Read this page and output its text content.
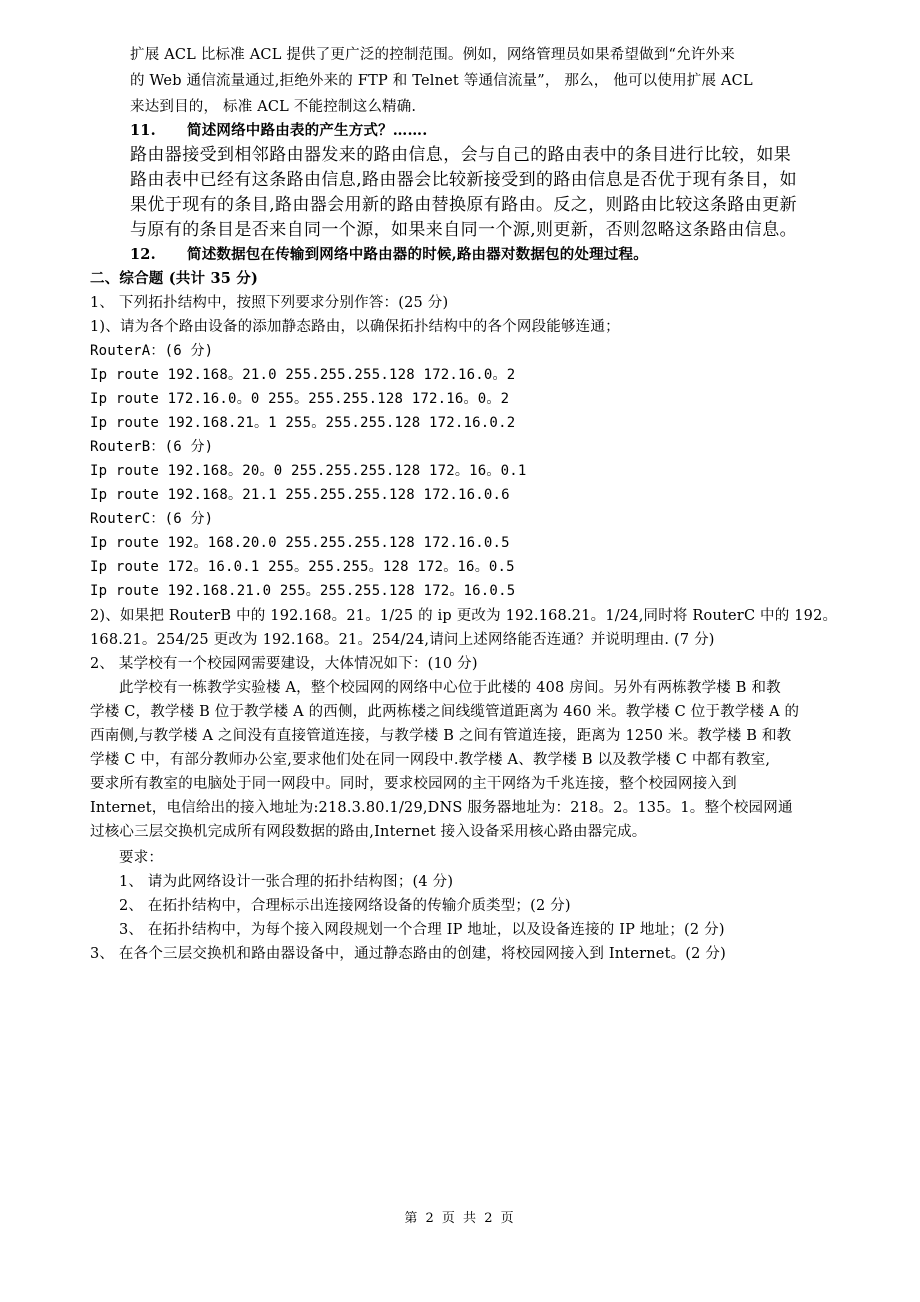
扩展 ACL 比标准 ACL 提供了更广泛的控制范围。例如，网络管理员如果希望做到“允许外来
的 Web 通信流量通过,拒绝外来的 FTP 和 Telnet 等通信流量”， 那么， 他可以使用扩展 ACL
来达到目的， 标准 ACL 不能控制这么精确.
11. 简述网络中路由表的产生方式？…….
路由器接受到相邻路由器发来的路由信息，会与自己的路由表中的条目进行比较，如果
路由表中已经有这条路由信息,路由器会比较新接受到的路由信息是否优于现有条目，如
果优于现有的条目,路由器会用新的路由替换原有路由。反之，则路由比较这条路由更新
与原有的条目是否来自同一个源，如果来自同一个源,则更新，否则忽略这条路由信息。
12. 简述数据包在传输到网络中路由器的时候,路由器对数据包的处理过程。
二、综合题 (共计 35 分)
1、 下列拓扑结构中，按照下列要求分别作答：(25 分)
1)、请为各个路由设备的添加静态路由，以确保拓扑结构中的各个网段能够连通；
RouterA：(6 分)
Ip route 192.168。21.0 255.255.255.128 172.16.0。2
Ip route 172.16.0。0 255。255.255.128 172.16。0。2
Ip route 192.168.21。1 255。255.255.128 172.16.0.2
RouterB：(6 分)
Ip route 192.168。20。0 255.255.255.128 172。16。0.1
Ip route 192.168。21.1 255.255.255.128 172.16.0.6
RouterC：(6 分)
Ip route 192。168.20.0 255.255.255.128 172.16.0.5
Ip route 172。16.0.1 255。255.255。128 172。16。0.5
Ip route 192.168.21.0 255。255.255.128 172。16.0.5
2)、如果把 RouterB 中的 192.168。21。1/25 的 ip 更改为 192.168.21。1/24,同时将 RouterC 中的 192。
168.21。254/25 更改为 192.168。21。254/24,请问上述网络能否连通？并说明理由. (7 分)
2、 某学校有一个校园网需要建设，大体情况如下：(10 分)
此学校有一栋教学实验楼 A，整个校园网的网络中心位于此楼的 408 房间。另外有两栋教学楼 B 和教
学楼 C，教学楼 B 位于教学楼 A 的西侧，此两栋楼之间线缆管道距离为 460 米。教学楼 C 位于教学楼 A 的
西南侧,与教学楼 A 之间没有直接管道连接，与教学楼 B 之间有管道连接，距离为 1250 米。教学楼 B 和教
学楼 C 中，有部分教师办公室,要求他们处在同一网段中.教学楼 A、教学楼 B 以及教学楼 C 中都有教室,
要求所有教室的电脑处于同一网段中。同时，要求校园网的主干网络为千兆连接，整个校园网接入到
Internet，电信给出的接入地址为:218.3.80.1/29,DNS 服务器地址为：218。2。135。1。整个校园网通
过核心三层交换机完成所有网段数据的路由,Internet 接入设备采用核心路由器完成。
要求：
1、 请为此网络设计一张合理的拓扑结构图；(4 分)
2、 在拓扑结构中，合理标示出连接网络设备的传输介质类型；(2 分)
3、 在拓扑结构中，为每个接入网段规划一个合理 IP 地址，以及设备连接的 IP 地址；(2 分)
3、 在各个三层交换机和路由器设备中，通过静态路由的创建，将校园网接入到 Internet。(2 分)
第 2 页 共 2 页
